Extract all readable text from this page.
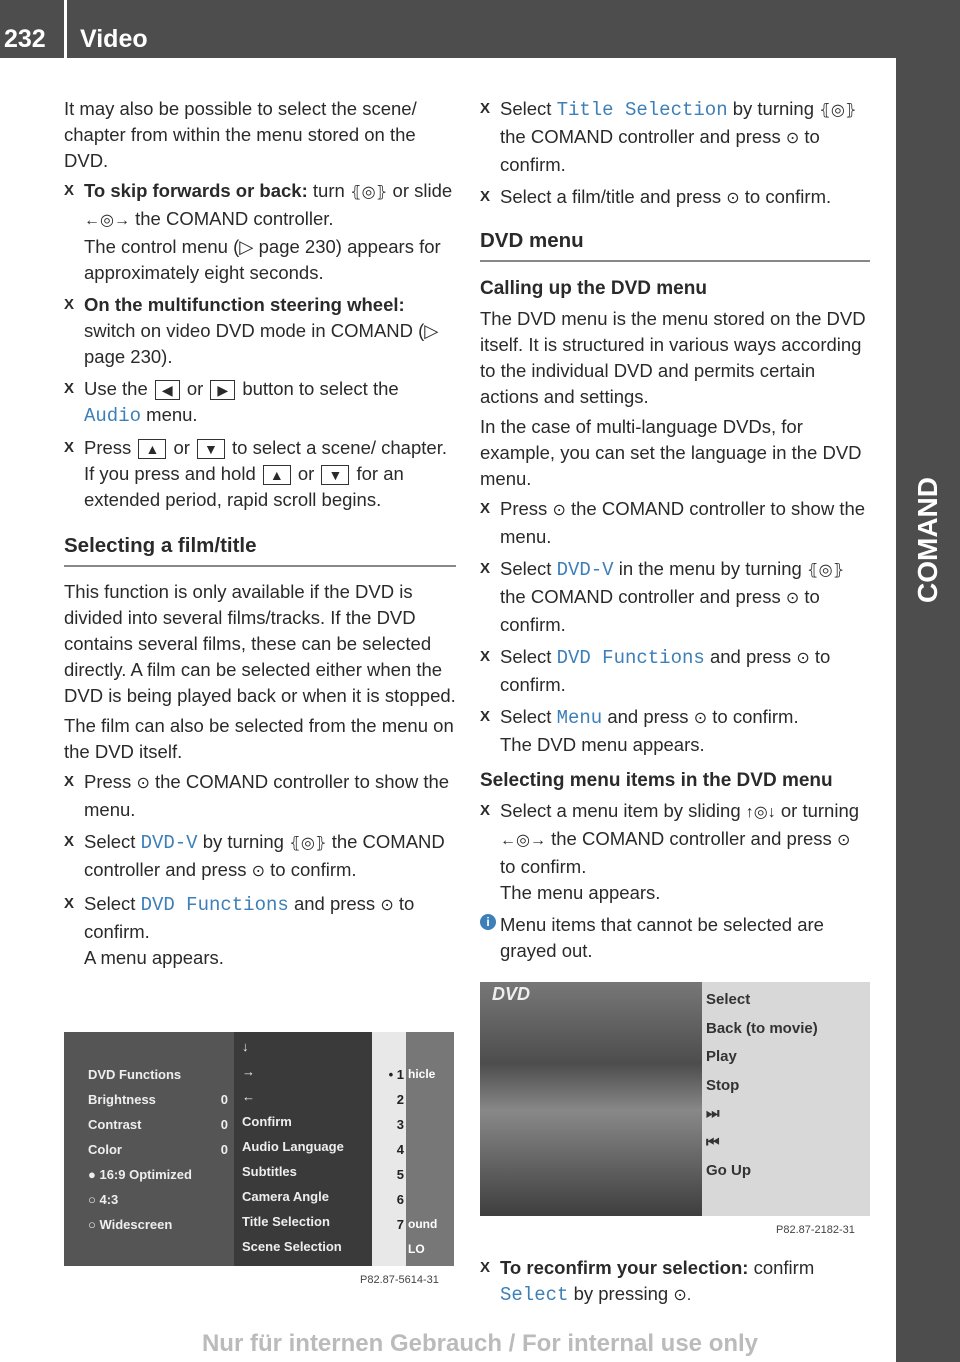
232	Video
COMAND

It may also be possible to select the scene/ chapter from within the menu stored on the DVD.

X To skip forwards or back: turn ⦃◎⦄ or slide ←◎→ the COMAND controller.
The control menu (▷ page 230) appears for approximately eight seconds.
X On the multifunction steering wheel: switch on video DVD mode in COMAND (▷ page 230).
X Use the ◀ or ▶ button to select the Audio menu.
X Press ▲ or ▼ to select a scene/ chapter.
If you press and hold ▲ or ▼ for an extended period, rapid scroll begins.
Selecting a film/title

This function is only available if the DVD is divided into several films/tracks. If the DVD contains several films, these can be selected directly. A film can be selected either when the DVD is being played back or when it is stopped.

The film can also be selected from the menu on the DVD itself.

X Press ⊙ the COMAND controller to show the menu.
X Select DVD-V by turning ⦃◎⦄ the COMAND controller and press ⊙ to confirm.
X Select DVD Functions and press ⊙ to confirm.
A menu appears.
DVD Functions
Brightness	0
Contrast	0
Color	0
● 16:9 Optimized
○ 4:3
○ Widescreen
↓
→
←
Confirm
Audio Language
Subtitles
Camera Angle
Title Selection
Scene Selection
• 1
2
3
4
5
6
7
hicle
ound
LO
P82.87-5614-31
X Select Title Selection by turning ⦃◎⦄ the COMAND controller and press ⊙ to confirm.
X Select a film/title and press ⊙ to confirm.
DVD menu
Calling up the DVD menu

The DVD menu is the menu stored on the DVD itself. It is structured in various ways according to the individual DVD and permits certain actions and settings.

In the case of multi-language DVDs, for example, you can set the language in the DVD menu.

X Press ⊙ the COMAND controller to show the menu.
X Select DVD-V in the menu by turning ⦃◎⦄ the COMAND controller and press ⊙ to confirm.
X Select DVD Functions and press ⊙ to confirm.
X Select Menu and press ⊙ to confirm.
The DVD menu appears.
Selecting menu items in the DVD menu
X Select a menu item by sliding ↑◎↓ or turning ←◎→ the COMAND controller and press ⊙ to confirm.
The menu appears.
i Menu items that cannot be selected are grayed out.
DVD	Select
Back (to movie)
Play
Stop
⏭
⏮
Go Up
P82.87-2182-31
X To reconfirm your selection: confirm Select by pressing ⊙.
Nur für internen Gebrauch / For internal use only
